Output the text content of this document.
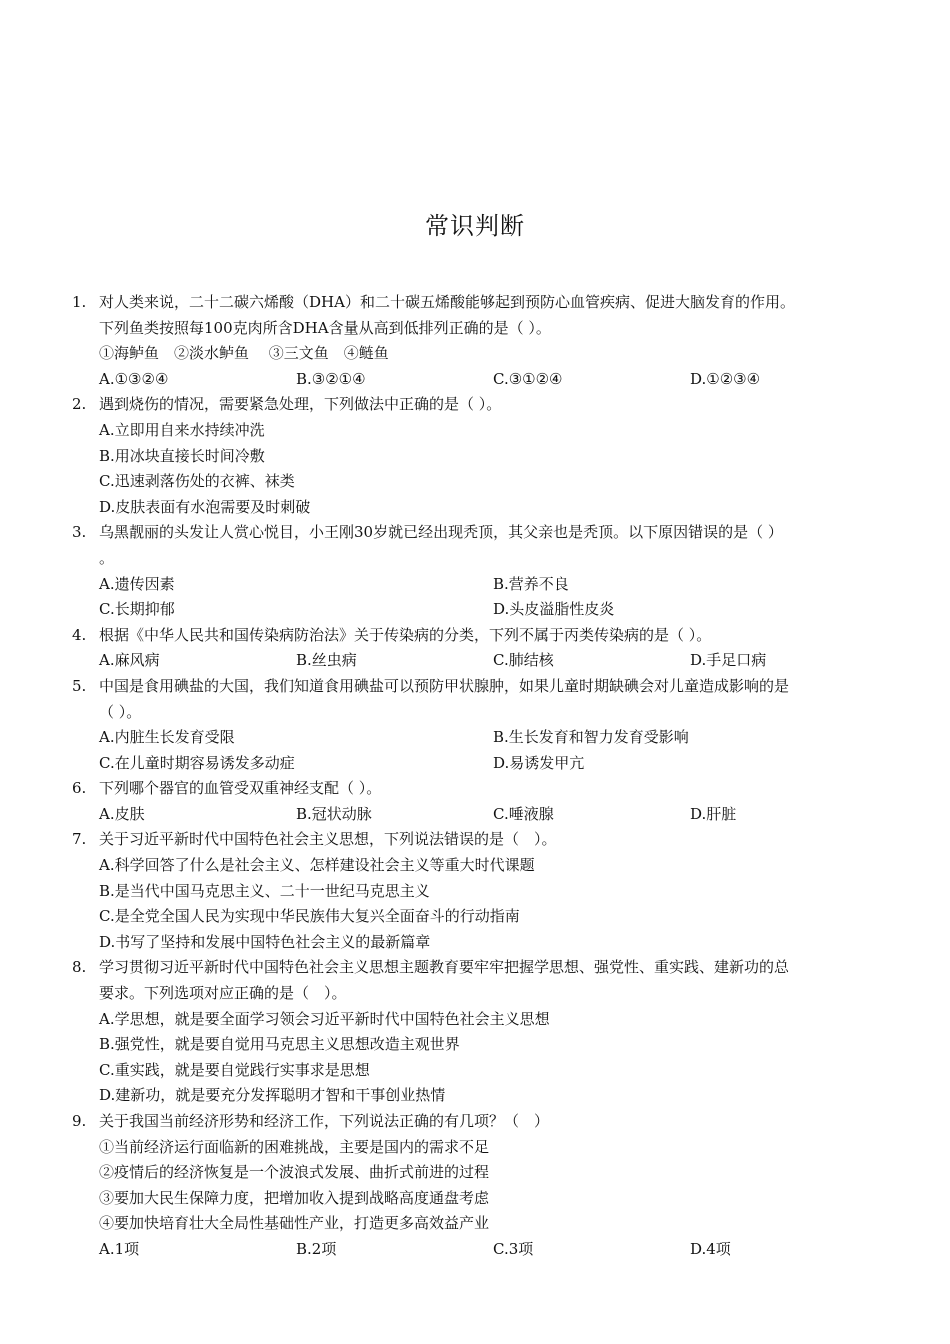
常识判断
1. 对人类来说，二十二碳六烯酸（DHA）和二十碳五烯酸能够起到预防心血管疾病、促进大脑发育的作用。
下列鱼类按照每100克肉所含DHA含量从高到低排列正确的是（ ）。
①海鲈鱼　②淡水鲈鱼　 ③三文鱼　④鲢鱼
A.①③②④	B.③②①④	C.③①②④	D.①②③④
2. 遇到烧伤的情况，需要紧急处理，下列做法中正确的是（ ）。
A.立即用自来水持续冲洗
B.用冰块直接长时间冷敷
C.迅速剥落伤处的衣裤、袜类
D.皮肤表面有水泡需要及时刺破
3. 乌黑靓丽的头发让人赏心悦目，小王刚30岁就已经出现秃顶，其父亲也是秃顶。以下原因错误的是（ ）
。
A.遗传因素	B.营养不良
C.长期抑郁	D.头皮溢脂性皮炎
4. 根据《中华人民共和国传染病防治法》关于传染病的分类，下列不属于丙类传染病的是（ ）。
A.麻风病	B.丝虫病	C.肺结核	D.手足口病
5. 中国是食用碘盐的大国，我们知道食用碘盐可以预防甲状腺肿，如果儿童时期缺碘会对儿童造成影响的是
（ ）。
A.内脏生长发育受限	B.生长发育和智力发育受影响
C.在儿童时期容易诱发多动症	D.易诱发甲亢
6. 下列哪个器官的血管受双重神经支配（ ）。
A.皮肤	B.冠状动脉	C.唾液腺	D.肝脏
7. 关于习近平新时代中国特色社会主义思想，下列说法错误的是（　）。
A.科学回答了什么是社会主义、怎样建设社会主义等重大时代课题
B.是当代中国马克思主义、二十一世纪马克思主义
C.是全党全国人民为实现中华民族伟大复兴全面奋斗的行动指南
D.书写了坚持和发展中国特色社会主义的最新篇章
8. 学习贯彻习近平新时代中国特色社会主义思想主题教育要牢牢把握学思想、强党性、重实践、建新功的总
要求。下列选项对应正确的是（　）。
A.学思想，就是要全面学习领会习近平新时代中国特色社会主义思想
B.强党性，就是要自觉用马克思主义思想改造主观世界
C.重实践，就是要自觉践行实事求是思想
D.建新功，就是要充分发挥聪明才智和干事创业热情
9. 关于我国当前经济形势和经济工作，下列说法正确的有几项？（　）
①当前经济运行面临新的困难挑战，主要是国内的需求不足
②疫情后的经济恢复是一个波浪式发展、曲折式前进的过程
③要加大民生保障力度，把增加收入提到战略高度通盘考虑
④要加快培育壮大全局性基础性产业，打造更多高效益产业
A.1项	B.2项	C.3项	D.4项
